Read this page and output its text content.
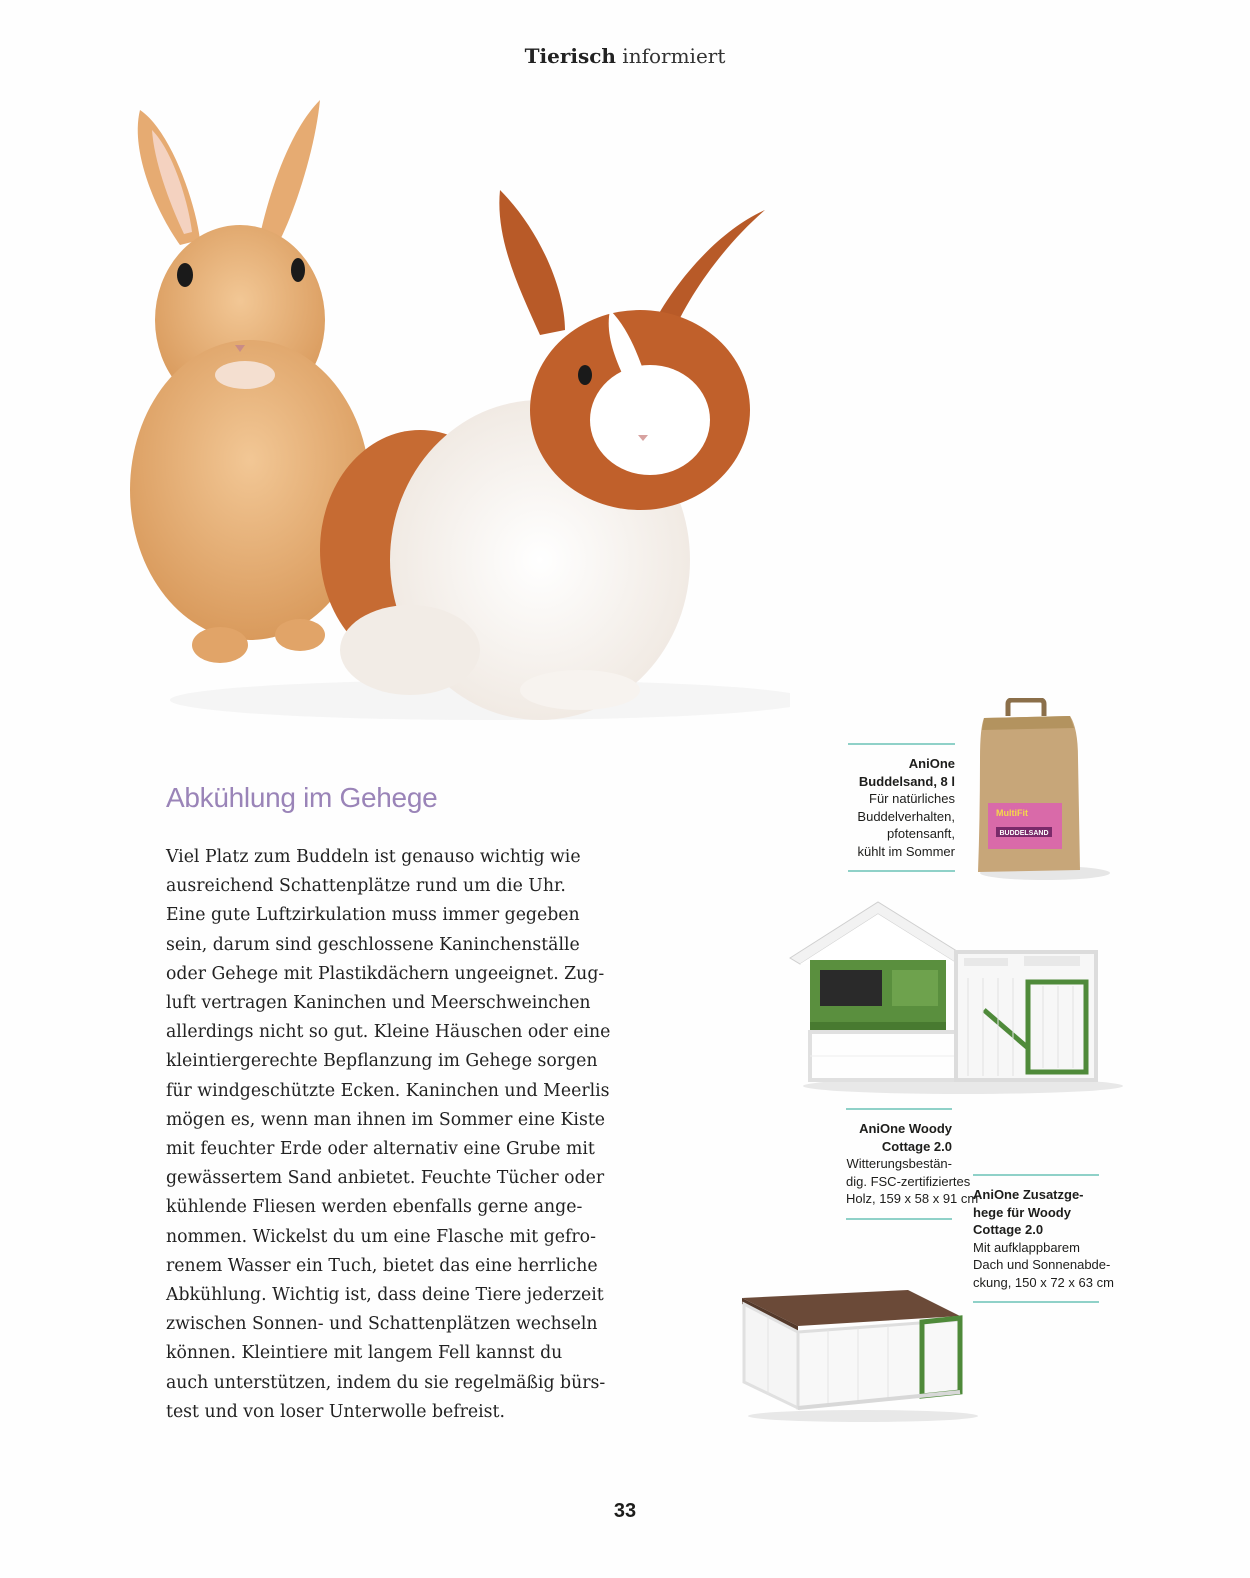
Tierisch informiert
Abkühlung im Gehege

Viel Platz zum Buddeln ist genauso wichtig wie
ausreichend Schattenplätze rund um die Uhr.
Eine gute Luftzirkulation muss immer gegeben
sein, darum sind geschlossene Kaninchenställe
oder Gehege mit Plastikdächern ungeeignet. Zug-
luft vertragen Kaninchen und Meerschweinchen
allerdings nicht so gut. Kleine Häuschen oder eine
kleintiergerechte Bepflanzung im Gehege sorgen
für windgeschützte Ecken. Kaninchen und Meerlis
mögen es, wenn man ihnen im Sommer eine Kiste
mit feuchter Erde oder alternativ eine Grube mit
gewässertem Sand anbietet. Feuchte Tücher oder
kühlende Fliesen werden ebenfalls gerne ange-
nommen. Wickelst du um eine Flasche mit gefro-
renem Wasser ein Tuch, bietet das eine herrliche
Abkühlung. Wichtig ist, dass deine Tiere jederzeit
zwischen Sonnen- und Schattenplätzen wechseln
können. Kleintiere mit langem Fell kannst du
auch unterstützen, indem du sie regelmäßig bürs-
test und von loser Unterwolle befreist.

AniOne
Buddelsand, 8 l
Für natürliches
Buddelverhalten,
pfotensanft,
kühlt im Sommer
MultiFit
BUDDELSAND
AniOne Woody
Cottage 2.0
Witterungsbestän-
dig. FSC-zertifiziertes
Holz, 159 x 58 x 91 cm
AniOne Zusatzge-
hege für Woody
Cottage 2.0
Mit aufklappbarem
Dach und Sonnenabde-
ckung, 150 x 72 x 63 cm
33
